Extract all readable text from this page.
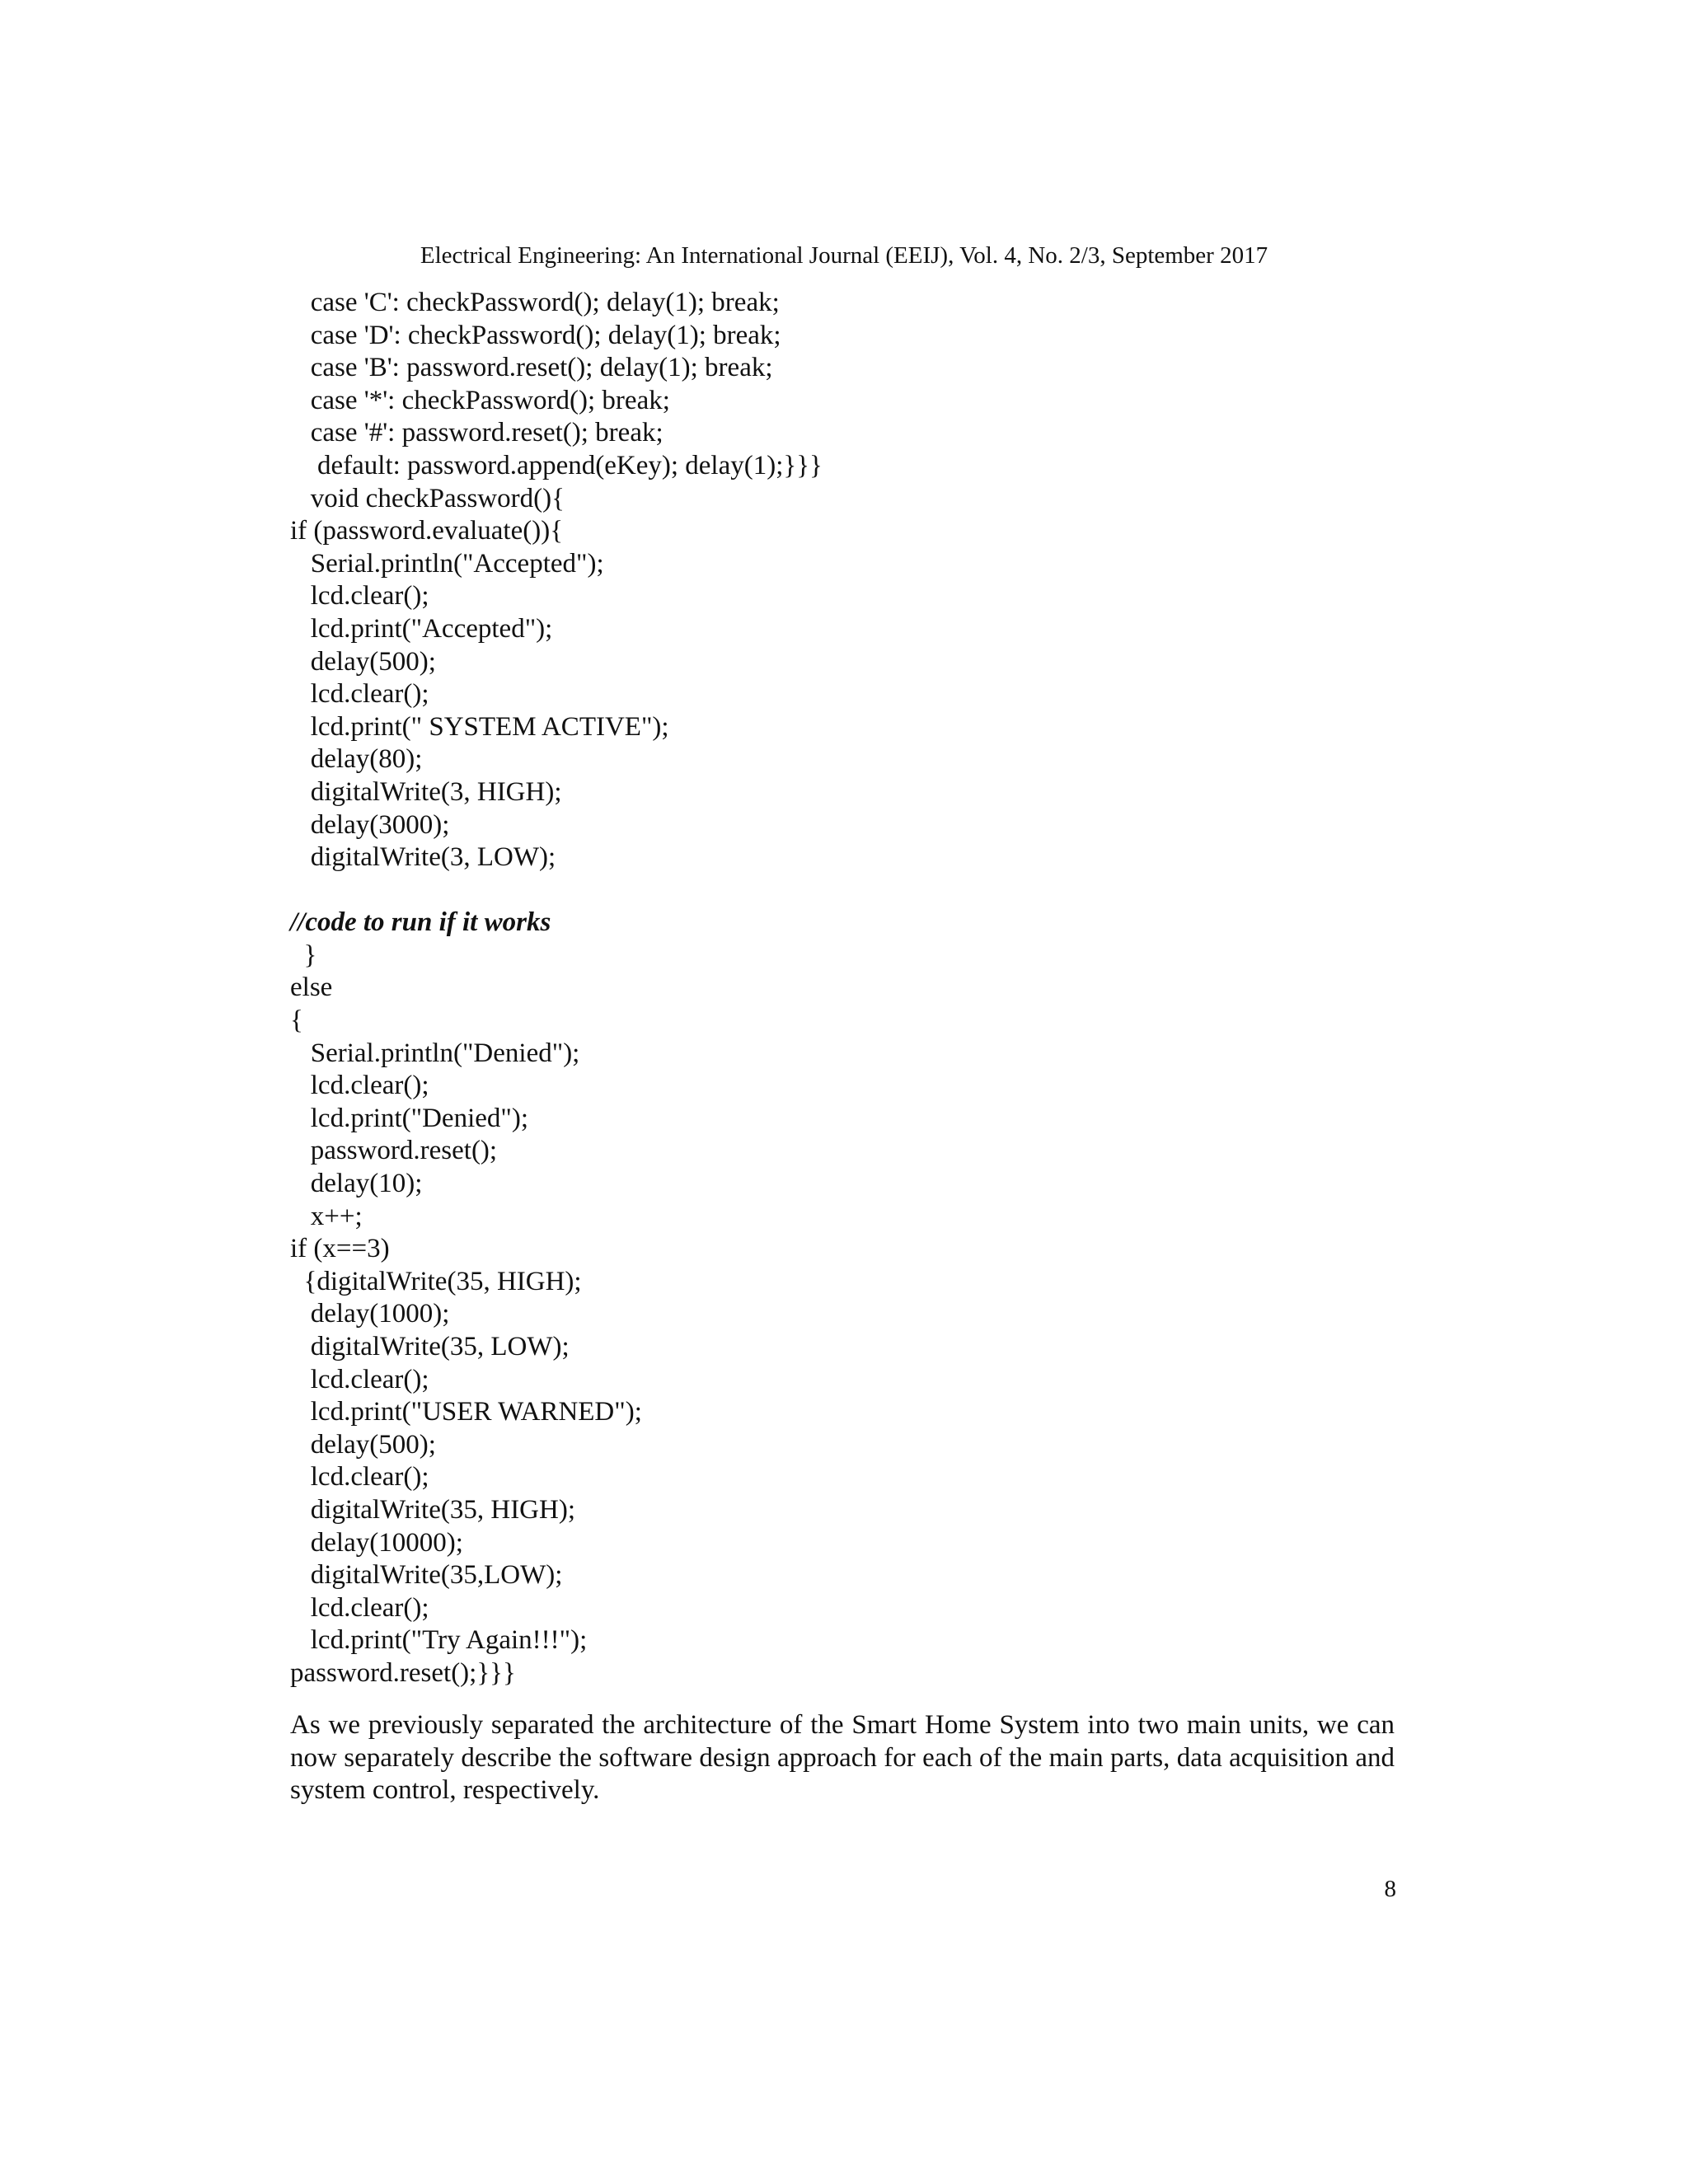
Electrical Engineering: An International Journal (EEIJ), Vol. 4, No. 2/3, September 2017
case 'C': checkPassword(); delay(1); break;
case 'D': checkPassword(); delay(1); break;
case 'B': password.reset(); delay(1); break;
case '*': checkPassword(); break;
case '#': password.reset(); break;
default: password.append(eKey); delay(1);}}}
void checkPassword(){
if (password.evaluate()){
Serial.println("Accepted");
lcd.clear();
lcd.print("Accepted");
delay(500);
lcd.clear();
lcd.print(" SYSTEM ACTIVE");
delay(80);
digitalWrite(3, HIGH);
delay(3000);
digitalWrite(3, LOW);
//code to run if it works
}
else
{
Serial.println("Denied");
lcd.clear();
lcd.print("Denied");
password.reset();
delay(10);
x++;
if (x==3)
{digitalWrite(35, HIGH);
delay(1000);
digitalWrite(35, LOW);
lcd.clear();
lcd.print("USER WARNED");
delay(500);
lcd.clear();
digitalWrite(35, HIGH);
delay(10000);
digitalWrite(35,LOW);
lcd.clear();
lcd.print("Try Again!!!");
password.reset();}}}
As we previously separated the architecture of the Smart Home System into two main units, we can now separately describe the software design approach for each of the main parts, data acquisition and system control, respectively.
8
